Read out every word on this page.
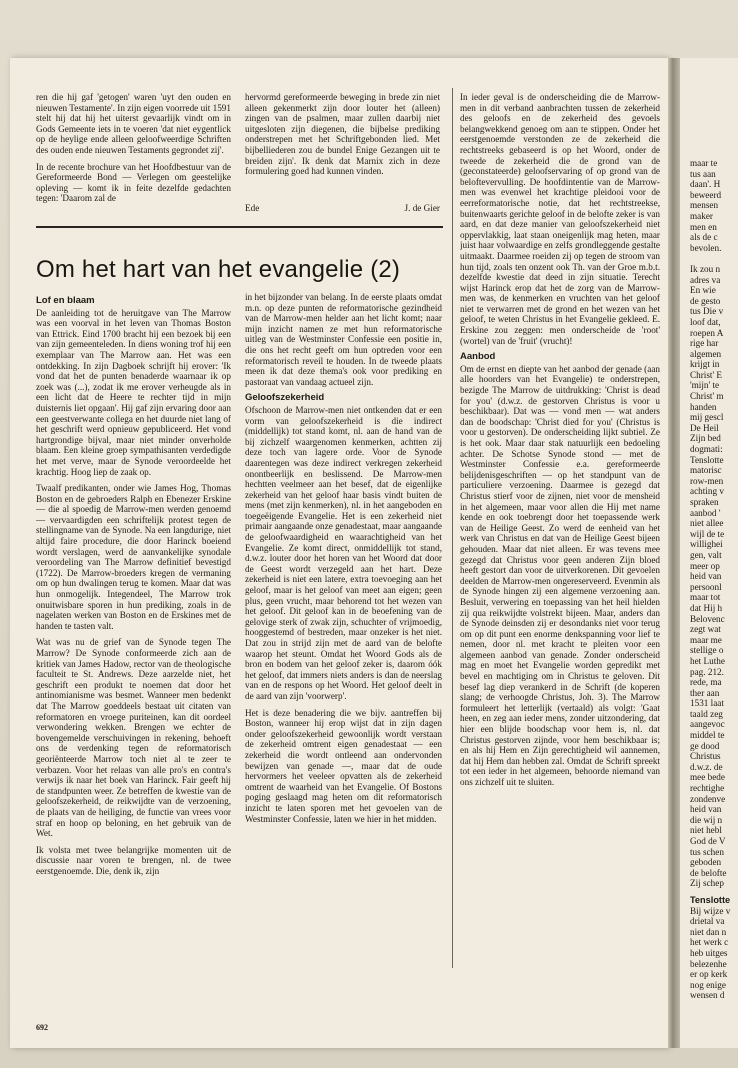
maar te
tus aan
daan'. H
beweerd
mensen
maker
men en
als de c
bevolen.
Ik zou n
adres va
En wie
de gesto
tus Die v
loof dat,
roepen A
rige har
algemen
krijgt in
Christ' E
'mijn' te
Christ' m
handen
mij gescl
De Heil
Zijn bed
dogmati:
Tenslotte
matorisc
row-men
achting v
spraken
aanbod '
niet allee
wijl de te
willighei
gen, valt
meer op
heid van
persoonl
maar tot
dat Hij h
Belovenc
zegt wat
maar me
stellige o
het Luthe
pag. 212.
rede, ma
ther aan
1531 laat
taald zeg
aangevoc
middel te
ge dood
Christus
d.w.z. de
mee bede
rechtighe
zondenve
heid van
die wij n
niet hebl
God de V
tus schen
geboden
de belofte
Zij schep
Tenslotte
Bij wijze v
drietal va
niet dan n
het werk c
heb uitges
belezenhe
er op kerk
nog enige
wensen d

ren die hij gaf 'getogen' waren 'uyt den ouden en nieuwen Testamente'. In zijn eigen voorrede uit 1591 stelt hij dat hij het uiterst gevaarlijk vindt om in Gods Gemeente iets in te voeren 'dat niet eygentlick op de heylige ende alleen geloofweerdige Schriften des ouden ende nieuwen Testaments gegrondet zij'.

In de recente brochure van het Hoofdbestuur van de Gereformeerde Bond — Verlegen om geestelijke opleving — komt ik in feite dezelfde gedachten tegen: 'Daarom zal de

hervormd gereformeerde beweging in brede zin niet alleen gekenmerkt zijn door louter het (alleen) zingen van de psalmen, maar zullen daarbij niet uitgesloten zijn diegenen, die bijbelse prediking onderstrepen met het Schriftgebonden lied. Met bijbelliederen zou de bundel Enige Gezangen uit te breiden zijn'. Ik denk dat Marnix zich in deze formulering goed had kunnen vinden.

Ede	J. de Gier
Om het hart van het evangelie (2)
Lof en blaam

De aanleiding tot de heruitgave van The Marrow was een voorval in het leven van Thomas Boston van Ettrick. Eind 1700 bracht hij een bezoek bij een van zijn gemeenteleden. In diens woning trof hij een exemplaar van The Marrow aan. Het was een ontdekking. In zijn Dagboek schrijft hij erover: 'Ik vond dat het de punten benaderde waarnaar ik op zoek was (...), zodat ik me erover verheugde als in een licht dat de Heere te rechter tijd in mijn duisternis liet opgaan'. Hij gaf zijn ervaring door aan een geestverwante collega en het duurde niet lang of het geschrift werd opnieuw gepubliceerd. Het vond hartgrondige bijval, maar niet minder onverholde blaam. Een kleine groep sympathisanten verdedigde het met verve, maar de Synode veroordeelde het krachtig. Hoog liep de zaak op.

Twaalf predikanten, onder wie James Hog, Thomas Boston en de gebroeders Ralph en Ebenezer Erskine — die al spoedig de Marrow-men werden genoemd — vervaardigden een schriftelijk protest tegen de stellingname van de Synode. Na een langdurige, niet altijd faire procedure, die door Harinck boeiend wordt verslagen, werd de aanvankelijke synodale veroordeling van The Marrow definitief bevestigd (1722). De Marrow-broeders kregen de vermaning om op hun dwalingen terug te komen. Maar dat was hun onmogelijk. Integendeel, The Marrow trok onuitwisbare sporen in hun prediking, zoals in de nagelaten werken van Boston en de Erskines met de handen te tasten valt.

Wat was nu de grief van de Synode tegen The Marrow? De Synode conformeerde zich aan de kritiek van James Hadow, rector van de theologische faculteit te St. Andrews. Deze aarzelde niet, het geschrift een produkt te noemen dat door het antinomianisme was besmet. Wanneer men bedenkt dat The Marrow goeddeels bestaat uit citaten van reformatoren en vroege puriteinen, kan dit oordeel verwondering wekken. Brengen we echter de bovengemelde verschuivingen in rekening, behoeft ons de verdenking tegen de reformatorisch georiënteerde Marrow toch niet al te zeer te verbazen. Voor het relaas van alle pro's en contra's verwijs ik naar het boek van Harinck. Fair geeft hij de standpunten weer. Ze betreffen de kwestie van de geloofszekerheid, de reikwijdte van de verzoening, de plaats van de heiliging, de functie van vrees voor straf en hoop op beloning, en het gebruik van de Wet.

Ik volsta met twee belangrijke momenten uit de discussie naar voren te brengen, nl. de twee eerstgenoemde. Die, denk ik, zijn

in het bijzonder van belang. In de eerste plaats omdat m.n. op deze punten de reformatorische gezindheid van de Marrow-men helder aan het licht komt; naar mijn inzicht namen ze met hun reformatorische uitleg van de Westminster Confessie een positie in, die ons het recht geeft om hun optreden voor een reformatorisch reveil te houden. In de tweede plaats meen ik dat deze thema's ook voor prediking en pastoraat van vandaag actueel zijn.

Geloofszekerheid

Ofschoon de Marrow-men niet ontkenden dat er een vorm van geloofszekerheid is die indirect (middellijk) tot stand komt, nl. aan de hand van de bij zichzelf waargenomen kenmerken, achtten zij deze toch van lagere orde. Voor de Synode daarentegen was deze indirect verkregen zekerheid onontbeerlijk en beslissend. De Marrow-men hechtten veelmeer aan het besef, dat de eigenlijke zekerheid van het geloof haar basis vindt buiten de mens (met zijn kenmerken), nl. in het aangeboden en toegeëigende Evangelie. Het is een zekerheid niet primair aangaande onze genadestaat, maar aangaande de geloofwaardigheid en waarachtigheid van het Evangelie. Ze komt direct, onmiddellijk tot stand, d.w.z. louter door het horen van het Woord dat door de Geest wordt verzegeld aan het hart. Deze zekerheid is niet een latere, extra toevoeging aan het geloof, maar is het geloof van meet aan eigen; geen plus, geen vrucht, maar behorend tot het wezen van het geloof. Dit geloof kan in de beoefening van de gelovige sterk of zwak zijn, schuchter of vrijmoedig, hooggestemd of bestreden, maar onzeker is het niet. Dat zou in strijd zijn met de aard van de belofte waarop het steunt. Omdat het Woord Gods als de bron en bodem van het geloof zeker is, daarom óók het geloof, dat immers niets anders is dan de neerslag van en de respons op het Woord. Het geloof deelt in de aard van zijn 'voorwerp'.

Het is deze benadering die we bijv. aantreffen bij Boston, wanneer hij erop wijst dat in zijn dagen onder geloofszekerheid gewoonlijk wordt verstaan de zekerheid omtrent eigen genadestaat — een zekerheid die wordt ontleend aan ondervonden bewijzen van genade —, maar dat de oude hervormers het veeleer opvatten als de zekerheid omtrent de waarheid van het Evangelie. Of Bostons poging geslaagd mag heten om dit reformatorisch inzicht te laten sporen met het gevoelen van de Westminster Confessie, laten we hier in het midden.

In ieder geval is de onderscheiding die de Marrow-men in dit verband aanbrachten tussen de zekerheid des geloofs en de zekerheid des gevoels belangwekkend genoeg om aan te stippen. Onder het eerstgenoemde verstonden ze de zekerheid die rechtstreeks gebaseerd is op het Woord, onder de tweede de zekerheid die de grond van de (geconstateerde) geloofservaring of op grond van de beloftevervulling. De hoofdintentie van de Marrow-men was evenwel het krachtige pleidooi voor de eerreformatorische notie, dat het rechtstreekse, buitenwaarts gerichte geloof in de belofte zeker is van aard, en dat deze manier van geloofszekerheid niet oppervlakkig, laat staan oneigenlijk mag heten, maar juist haar volwaardige en zelfs grondleggende gestalte uitmaakt. Daarmee roeiden zij op tegen de stroom van hun tijd, zoals ten onzent ook Th. van der Groe m.b.t. dezelfde kwestie dat deed in zijn situatie. Terecht wijst Harinck erop dat het de zorg van de Marrow-men was, de kenmerken en vruchten van het geloof niet te verwarren met de grond en het wezen van het geloof, te weten Christus in het Evangelie gekleed. E. Erskine zou zeggen: men onderscheide de 'root' (wortel) van de 'fruit' (vrucht)!

Aanbod

Om de ernst en diepte van het aanbod der genade (aan alle hoorders van het Evangelie) te onderstrepen, bezigde The Marrow de uitdrukking: 'Christ is dead for you' (d.w.z. de gestorven Christus is voor u beschikbaar). Dat was — vond men — wat anders dan de boodschap: 'Christ died for you' (Christus is voor u gestorven). De onderscheiding lijkt subtiel. Ze is het ook. Maar daar stak natuurlijk een bedoeling achter. De Schotse Synode stond — met de Westminster Confessie e.a. gereformeerde belijdenisgeschriften — op het standpunt van de particuliere verzoening. Daarmee is gezegd dat Christus stierf voor de zijnen, niet voor de mensheid in het algemeen, maar voor allen die Hij met name kende en ook toebrengt door het toepassende werk van de Heilige Geest. Zo werd de eenheid van het werk van Christus en dat van de Heilige Geest bijeen gehouden. Maar dat niet alleen. Er was tevens mee gezegd dat Christus voor geen anderen Zijn bloed heeft gestort dan voor de uitverkorenen. Dit gevoelen deelden de Marrow-men ongereserveerd. Evenmin als de Synode hingen zij een algemene verzoening aan. Besluit, verwering en toepassing van het heil hielden zij qua reikwijdte volstrekt bijeen. Maar, anders dan de Synode deinsden zij er desondanks niet voor terug om op dit punt een enorme denkspanning voor lief te nemen, door nl. met kracht te pleiten voor een algemeen aanbod van genade. Zonder onderscheid mag en moet het Evangelie worden gepredikt met bevel en machtiging om in Christus te geloven. Dit besef lag diep verankerd in de Schrift (de koperen slang; de verhoogde Christus, Joh. 3). The Marrow formuleert het letterlijk (vertaald) als volgt: 'Gaat heen, en zeg aan ieder mens, zonder uitzondering, dat hier een blijde boodschap voor hem is, nl. dat Christus gestorven zijnde, voor hem beschikbaar is; en als hij Hem en Zijn gerechtigheid wil aannemen, dat hij Hem dan hebben zal. Omdat de Schrift spreekt tot een ieder in het algemeen, behoorde niemand van ons zichzelf uit te sluiten.

692
